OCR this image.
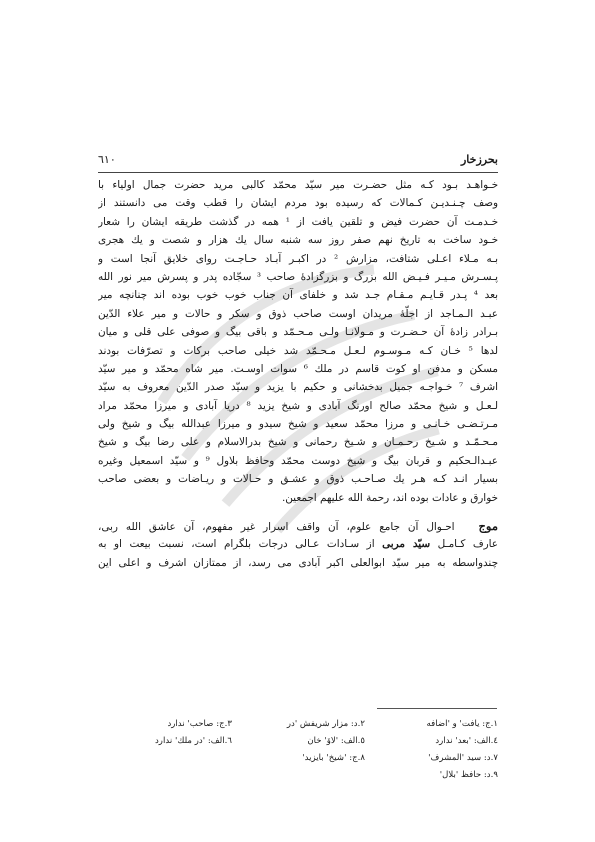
بحرزخار
٦١٠
خـواهـد بـود کـه مثل حضـرت میر سیّد محمّد کالبی مرید حضرت جمال اولیاء با
وصف چـنـدیـن کـمالات که رسیده بود مردم ایشان را قطب وقت می دانستند از
خـدمـت آن حضرت فیض و تلقین یافت از ¹ همه در گذشت طریقه ایشان را شعار
خـود ساخت به تاریخ نهم صفر روز سه شنبه سال یك هزار و شصت و یك هجری
بـه مـلاء اعـلی شتافت، مزارش ² در اکبـر آبـاد حـاجـت روای خلایق آنجا است و
پـسـرش مـیـر فـیـض الله بزرگ و بزرگزادهٔ صاحب ³ سجّاده پدر و پسرش میر نور الله
بعد ⁴ پـدر قـایـم مـقـام جـد شد و خلفای آن جناب خوب خوب بوده اند چنانچه میر
عبـد الـمـاجد از اجلّهٔ مریدان اوست صاحب ذوق و سکر و حالات و میر علاء الدّین
بـرادر زادهٔ آن حـضـرت و مـولانـا ولـی مـحـمّد و باقی بیگ و صوفی علی قلی و میان
لدها ⁵ خـان کـه مـوسـوم لـعـل مـحـمّد شد خیلی صاحب برکات و تصرّفات بودند
مسکن و مدفن او کوت قاسم در ملك ⁶ سوات اوسـت. میر شاه محمّد و میر سیّد
اشرف ⁷ خـواجـه جمیل بدخشانی و حکیم با یزید و سیّد صدر الدّین معروف به سیّد
لـعـل و شیخ محمّد صالح اورنگ آبادی و شیخ یزید ⁸ دریا آبادی و میرزا محمّد مراد
مـرتـضـی خـانـی و مرزا محمّد سعید و شیخ سیدو و میرزا عبدالله بیگ و شیخ ولی
مـحـمّـد و شـیخ رحـمـان و شـیخ رحمانی و شیخ بدرالاسلام و علی رضا بیگ و شیخ
عبـدالـحکیم و قربان بیگ و شیخ دوست محمّد وحافظ بلاول ⁹ و سیّد اسمعیل وغیره
بسیار انـد کـه هـر یك صـاحـب ذوق و عشـق و حـالات و ریـاضات و بعضی صاحب
خوارق و عادات بوده اند، رحمة الله علیهم اجمعین.
موج   احـوال آن جامع علوم، آن واقف اسرار غیر مفهوم، آن عاشق الله ربی،
عارف کـامـل سیّد مربی از سـادات عـالی درجات بلگرام است، نسبت بیعت او به
چندواسطه به میر سیّد ابوالعلی اکبر آبادی می رسد، از ممتازان اشرف و اعلی این
۱.ج: یافت' و 'اضافه
۲.د: مزار شریفش 'در
۳.ج: صاحب' ندارد
٤.الف: 'بعد' ندارد
٥.الف: 'لاۆ' خان
٦.الف: 'در ملك' ندارد
٧.د: سید 'المشرف'
٨.ج: 'شیخ' بایزید'
٩.د: حافظ 'بلال'
